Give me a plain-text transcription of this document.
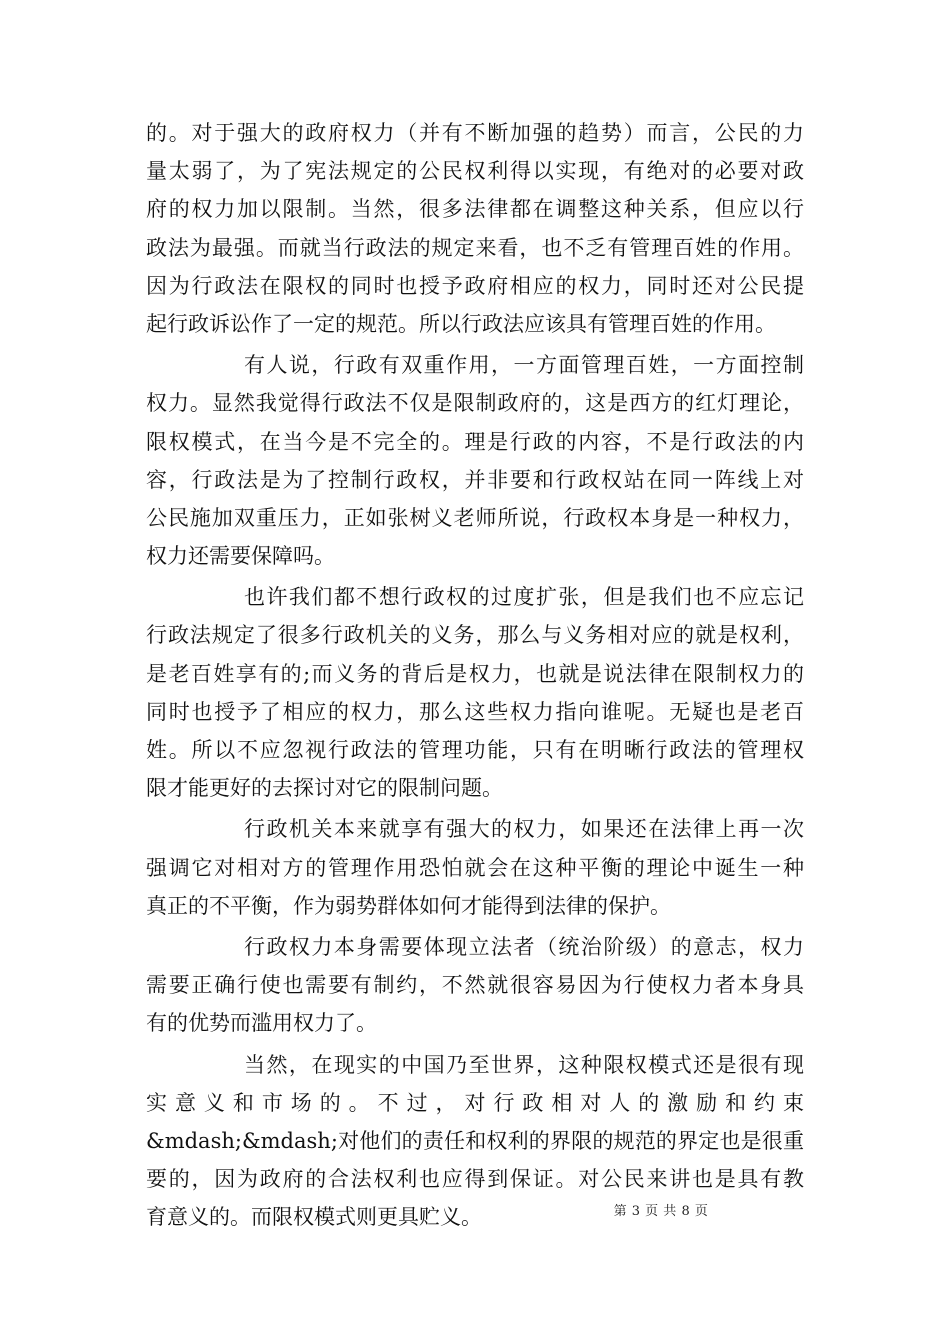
的。对于强大的政府权力（并有不断加强的趋势）而言，公民的力
量太弱了，为了宪法规定的公民权利得以实现，有绝对的必要对政
府的权力加以限制。当然，很多法律都在调整这种关系，但应以行
政法为最强。而就当行政法的规定来看，也不乏有管理百姓的作用。
因为行政法在限权的同时也授予政府相应的权力，同时还对公民提
起行政诉讼作了一定的规范。所以行政法应该具有管理百姓的作用。
有人说，行政有双重作用，一方面管理百姓，一方面控制
权力。显然我觉得行政法不仅是限制政府的，这是西方的红灯理论，
限权模式，在当今是不完全的。理是行政的内容，不是行政法的内
容，行政法是为了控制行政权，并非要和行政权站在同一阵线上对
公民施加双重压力，正如张树义老师所说，行政权本身是一种权力，
权力还需要保障吗。
也许我们都不想行政权的过度扩张，但是我们也不应忘记
行政法规定了很多行政机关的义务，那么与义务相对应的就是权利，
是老百姓享有的;而义务的背后是权力，也就是说法律在限制权力的
同时也授予了相应的权力，那么这些权力指向谁呢。无疑也是老百
姓。所以不应忽视行政法的管理功能，只有在明晰行政法的管理权
限才能更好的去探讨对它的限制问题。
行政机关本来就享有强大的权力，如果还在法律上再一次
强调它对相对方的管理作用恐怕就会在这种平衡的理论中诞生一种
真正的不平衡，作为弱势群体如何才能得到法律的保护。
行政权力本身需要体现立法者（统治阶级）的意志，权力
需要正确行使也需要有制约，不然就很容易因为行使权力者本身具
有的优势而滥用权力了。
当然，在现实的中国乃至世界，这种限权模式还是很有现
实 意 义 和 市 场 的 。 不 过 ， 对 行 政 相 对 人 的 激 励 和 约 束
&mdash;&mdash;对他们的责任和权利的界限的规范的界定也是很重
要的，因为政府的合法权利也应得到保证。对公民来讲也是具有教
育意义的。而限权模式则更具贮义。	第 3 页 共 8 页
